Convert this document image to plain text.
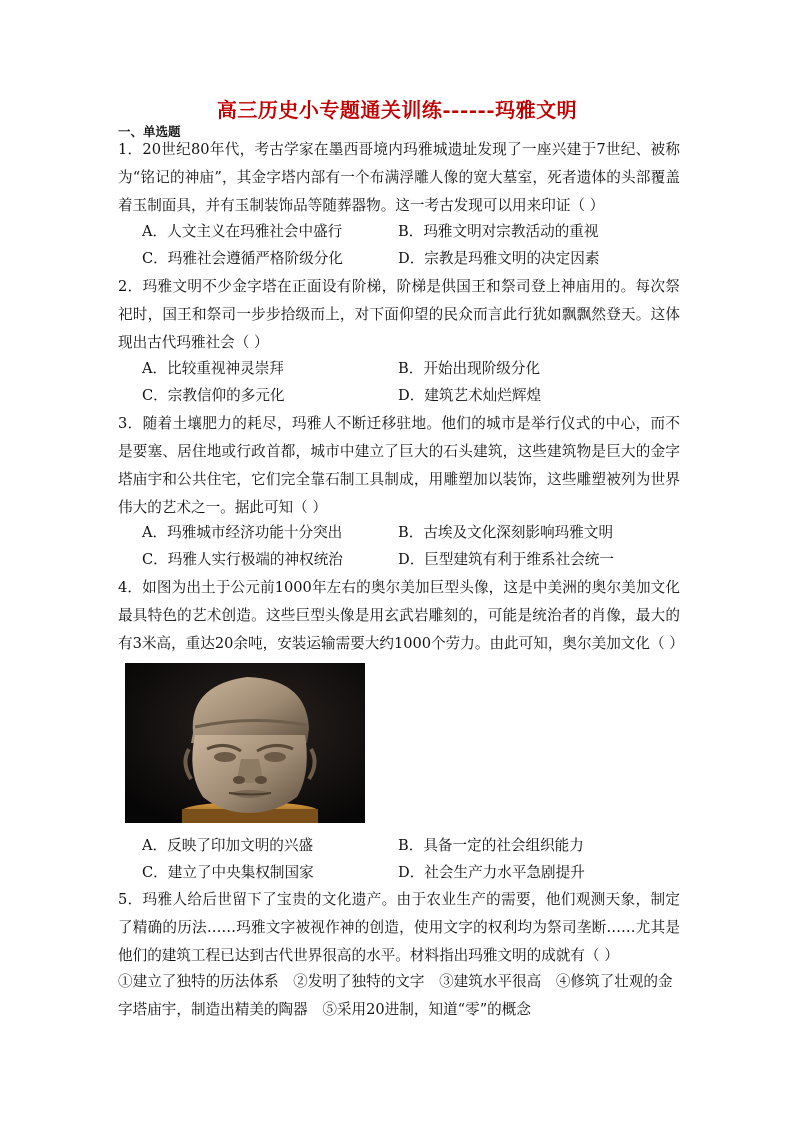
高三历史小专题通关训练------玛雅文明
一、单选题
1．20世纪80年代，考古学家在墨西哥境内玛雅城遗址发现了一座兴建于7世纪、被称为“铭记的神庙”，其金字塔内部有一个布满浮雕人像的宽大墓室，死者遗体的头部覆盖着玉制面具，并有玉制装饰品等随葬器物。这一考古发现可以用来印证（ ）
A．人文主义在玛雅社会中盛行	B．玛雅文明对宗教活动的重视
C．玛雅社会遵循严格阶级分化	D．宗教是玛雅文明的决定因素
2．玛雅文明不少金字塔在正面设有阶梯，阶梯是供国王和祭司登上神庙用的。每次祭祀时，国王和祭司一步步拾级而上，对下面仰望的民众而言此行犹如飘飘然登天。这体现出古代玛雅社会（ ）
A．比较重视神灵崇拜	B．开始出现阶级分化
C．宗教信仰的多元化	D．建筑艺术灿烂辉煌
3．随着土壤肥力的耗尽，玛雅人不断迁移驻地。他们的城市是举行仪式的中心，而不是要塞、居住地或行政首都，城市中建立了巨大的石头建筑，这些建筑物是巨大的金字塔庙宇和公共住宅，它们完全靠石制工具制成，用雕塑加以装饰，这些雕塑被列为世界伟大的艺术之一。据此可知（ ）
A．玛雅城市经济功能十分突出	B．古埃及文化深刻影响玛雅文明
C．玛雅人实行极端的神权统治	D．巨型建筑有利于维系社会统一
4．如图为出土于公元前1000年左右的奥尔美加巨型头像，这是中美洲的奥尔美加文化最具特色的艺术创造。这些巨型头像是用玄武岩雕刻的，可能是统治者的肖像，最大的有3米高，重达20余吨，安装运输需要大约1000个劳力。由此可知，奥尔美加文化（ ）
A．反映了印加文明的兴盛	B．具备一定的社会组织能力
C．建立了中央集权制国家	D．社会生产力水平急剧提升
5．玛雅人给后世留下了宝贵的文化遗产。由于农业生产的需要，他们观测天象，制定了精确的历法……玛雅文字被视作神的创造，使用文字的权利均为祭司垄断……尤其是他们的建筑工程已达到古代世界很高的水平。材料指出玛雅文明的成就有（ ）
①建立了独特的历法体系　②发明了独特的文字　③建筑水平很高　④修筑了壮观的金字塔庙宇，制造出精美的陶器　⑤采用20进制，知道“零”的概念
